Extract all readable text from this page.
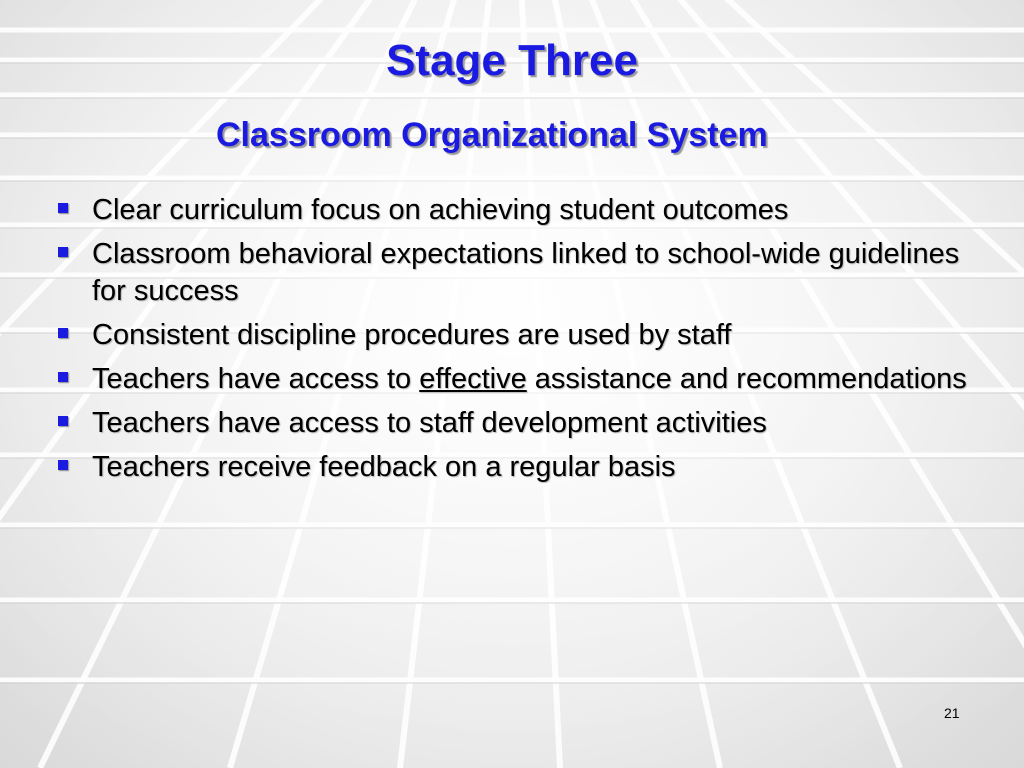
Stage Three
Classroom Organizational System
Clear curriculum focus on achieving student outcomes
Classroom behavioral expectations linked to school-wide guidelines for success
Consistent discipline procedures are used by staff
Teachers have access to effective assistance and recommendations
Teachers have access to staff development activities
Teachers receive feedback on a regular basis
21
